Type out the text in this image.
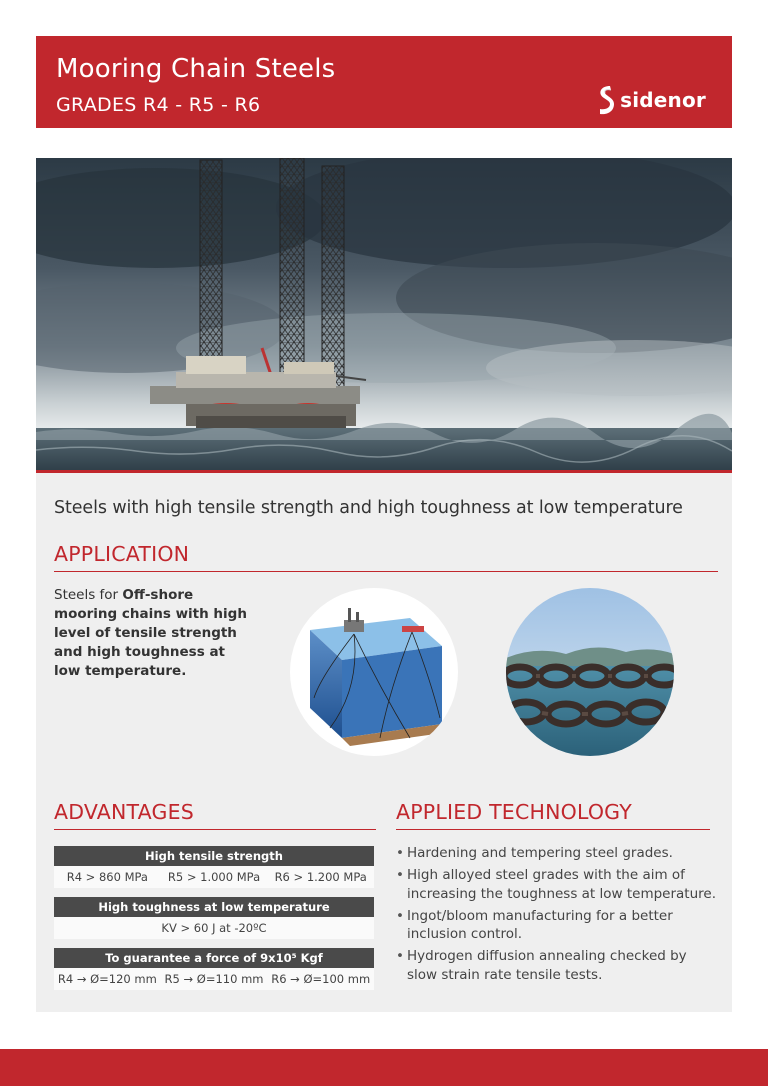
Mooring Chain Steels
GRADES R4 - R5 - R6	sidenor
Steels with high tensile strength and high toughness at low temperature
APPLICATION
Steels for Off-shore mooring chains with high level of tensile strength and high toughness at low temperature.
ADVANTAGES
High tensile strength
R4 > 860 MPa	R5 > 1.000 MPa	R6 > 1.200 MPa
High toughness at low temperature
KV > 60 J at -20ºC
To guarantee a force of 9x10⁵ Kgf
R4 → Ø=120 mm R5 → Ø=110 mm R6 → Ø=100 mm
APPLIED TECHNOLOGY
• Hardening and tempering steel grades.
• High alloyed steel grades with the aim of increasing the toughness at low temperature.
• Ingot/bloom manufacturing for a better inclusion control.
• Hydrogen diffusion annealing checked by slow strain rate tensile tests.
